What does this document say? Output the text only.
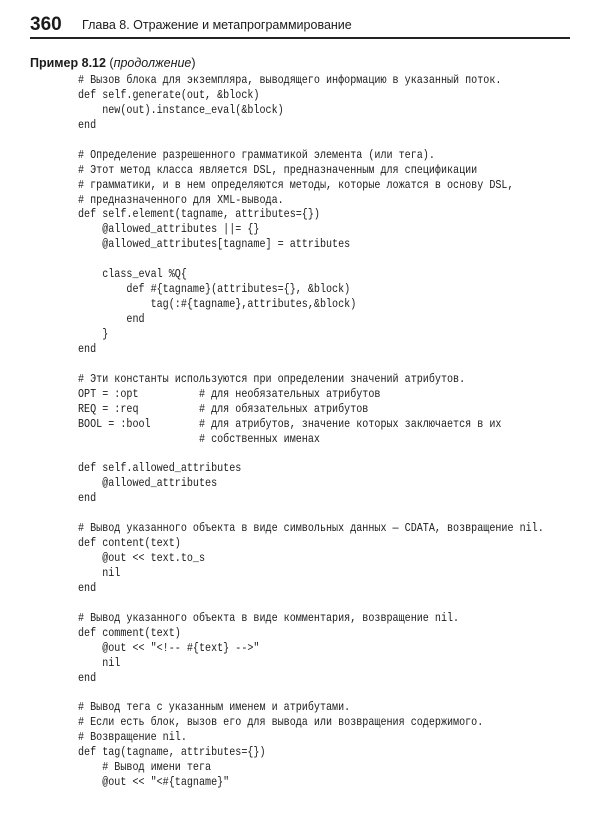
360 Глава 8. Отражение и метапрограммирование
Пример 8.12 (продолжение)
# Вызов блока для экземпляра, выводящего информацию в указанный поток.
def self.generate(out, &block)
new(out).instance_eval(&block)
end
# Определение разрешенного грамматикой элемента (или тега).
# Этот метод класса является DSL, предназначенным для спецификации
# грамматики, и в нем определяются методы, которые ложатся в основу DSL,
# предназначенного для XML-вывода.
def self.element(tagname, attributes={})
@allowed_attributes ||= {}
@allowed_attributes[tagname] = attributes
class_eval %Q{
def #{tagname}(attributes={}, &block)
tag(:#{tagname},attributes,&block)
end
}
end
# Эти константы используются при определении значений атрибутов.
OPT = :opt          # для необязательных атрибутов
REQ = :req          # для обязательных атрибутов
BOOL = :bool        # для атрибутов, значение которых заключается в их
# собственных именах
def self.allowed_attributes
@allowed_attributes
end
# Вывод указанного объекта в виде символьных данных — CDATA, возвращение nil.
def content(text)
@out << text.to_s
nil
end
# Вывод указанного объекта в виде комментария, возвращение nil.
def comment(text)
@out << "<!-- #{text} -->"
nil
end
# Вывод тега с указанным именем и атрибутами.
# Если есть блок, вызов его для вывода или возвращения содержимого.
# Возвращение nil.
def tag(tagname, attributes={})
# Вывод имени тега
@out << "<#{tagname}"
